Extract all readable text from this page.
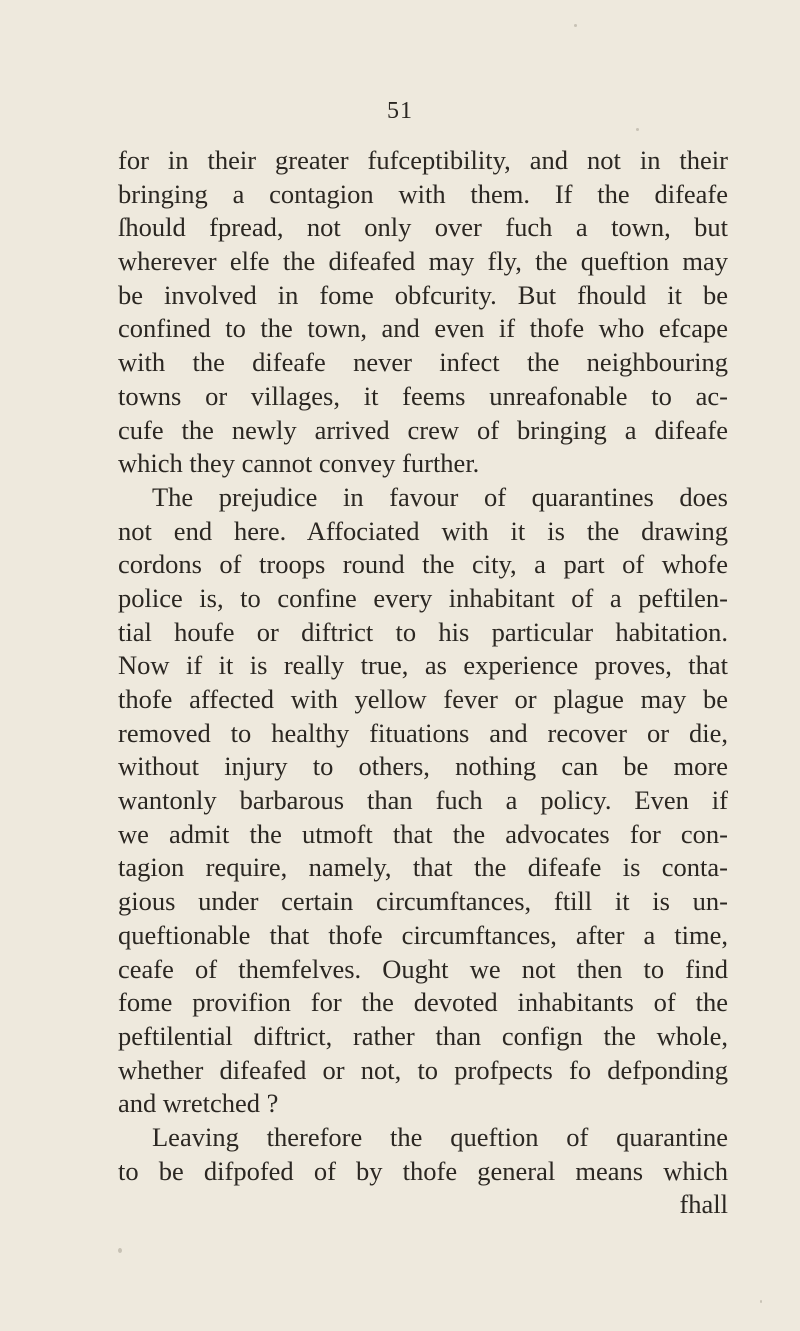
51
for in their greater fufceptibility, and not in their
bringing a contagion with them. If the difeafe
ſhould fpread, not only over fuch a town, but
wherever elfe the difeafed may fly, the queftion may
be involved in fome obfcurity. But fhould it be
confined to the town, and even if thofe who efcape
with the difeafe never infect the neighbouring
towns or villages, it feems unreafonable to ac-
cufe the newly arrived crew of bringing a difeafe
which they cannot convey further.
The prejudice in favour of quarantines does
not end here. Affociated with it is the drawing
cordons of troops round the city, a part of whofe
police is, to confine every inhabitant of a peftilen-
tial houfe or diftrict to his particular habitation.
Now if it is really true, as experience proves, that
thofe affected with yellow fever or plague may be
removed to healthy fituations and recover or die,
without injury to others, nothing can be more
wantonly barbarous than fuch a policy. Even if
we admit the utmoft that the advocates for con-
tagion require, namely, that the difeafe is conta-
gious under certain circumftances, ftill it is un-
queftionable that thofe circumftances, after a time,
ceafe of themfelves. Ought we not then to find
fome provifion for the devoted inhabitants of the
peftilential diftrict, rather than confign the whole,
whether difeafed or not, to profpects fo defponding
and wretched ?
Leaving therefore the queftion of quarantine
to be difpofed of by thofe general means which
fhall
